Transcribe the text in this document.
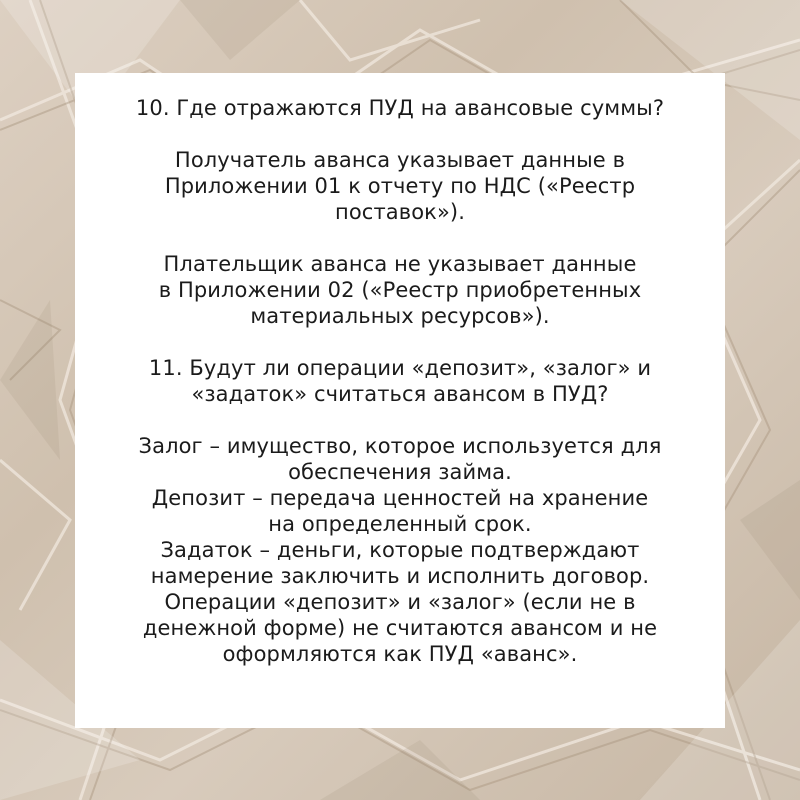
10. Где отражаются ПУД на авансовые суммы?
Получатель аванса указывает данные в
Приложении 01 к отчету по НДС («Реестр
поставок»).
Плательщик аванса не указывает данные
в Приложении 02 («Реестр приобретенных
материальных ресурсов»).
11. Будут ли операции «депозит», «залог» и
«задаток» считаться авансом в ПУД?
Залог – имущество, которое используется для
обеспечения займа.
Депозит – передача ценностей на хранение
на определенный срок.
Задаток – деньги, которые подтверждают
намерение заключить и исполнить договор.
Операции «депозит» и «залог» (если не в
денежной форме) не считаются авансом и не
оформляются как ПУД «аванс».
